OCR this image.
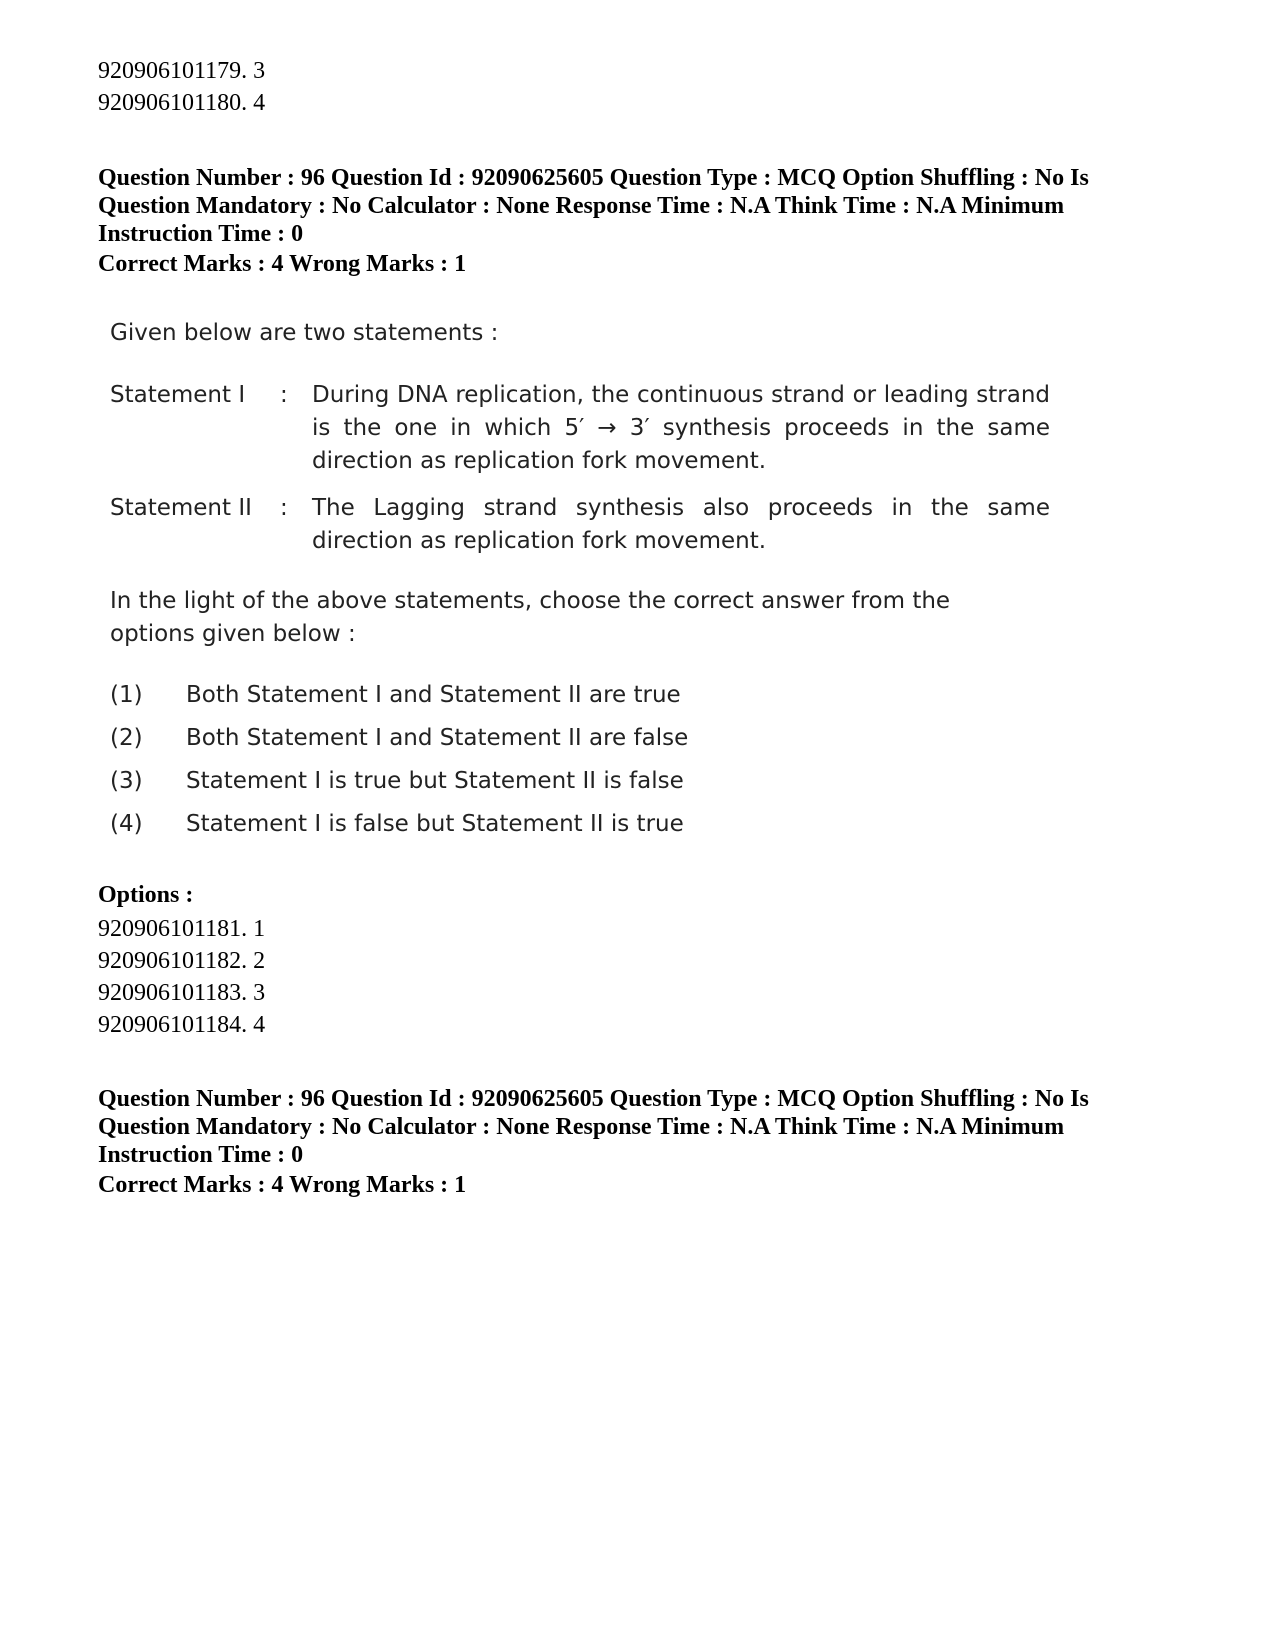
920906101179. 3
920906101180. 4
Question Number : 96 Question Id : 92090625605 Question Type : MCQ Option Shuffling : No Is
Question Mandatory : No Calculator : None Response Time : N.A Think Time : N.A Minimum
Instruction Time : 0
Correct Marks : 4 Wrong Marks : 1
Given below are two statements :
Statement I	:	During DNA replication, the continuous strand or leading strand is the one in which 5′ → 3′ synthesis proceeds in the same direction as replication fork movement.
Statement II	:	The Lagging strand synthesis also proceeds in the same direction as replication fork movement.
In the light of the above statements, choose the correct answer from the options given below :
(1)	Both Statement I and Statement II are true
(2)	Both Statement I and Statement II are false
(3)	Statement I is true but Statement II is false
(4)	Statement I is false but Statement II is true
Options :
920906101181. 1
920906101182. 2
920906101183. 3
920906101184. 4
Question Number : 96 Question Id : 92090625605 Question Type : MCQ Option Shuffling : No Is
Question Mandatory : No Calculator : None Response Time : N.A Think Time : N.A Minimum
Instruction Time : 0
Correct Marks : 4 Wrong Marks : 1
